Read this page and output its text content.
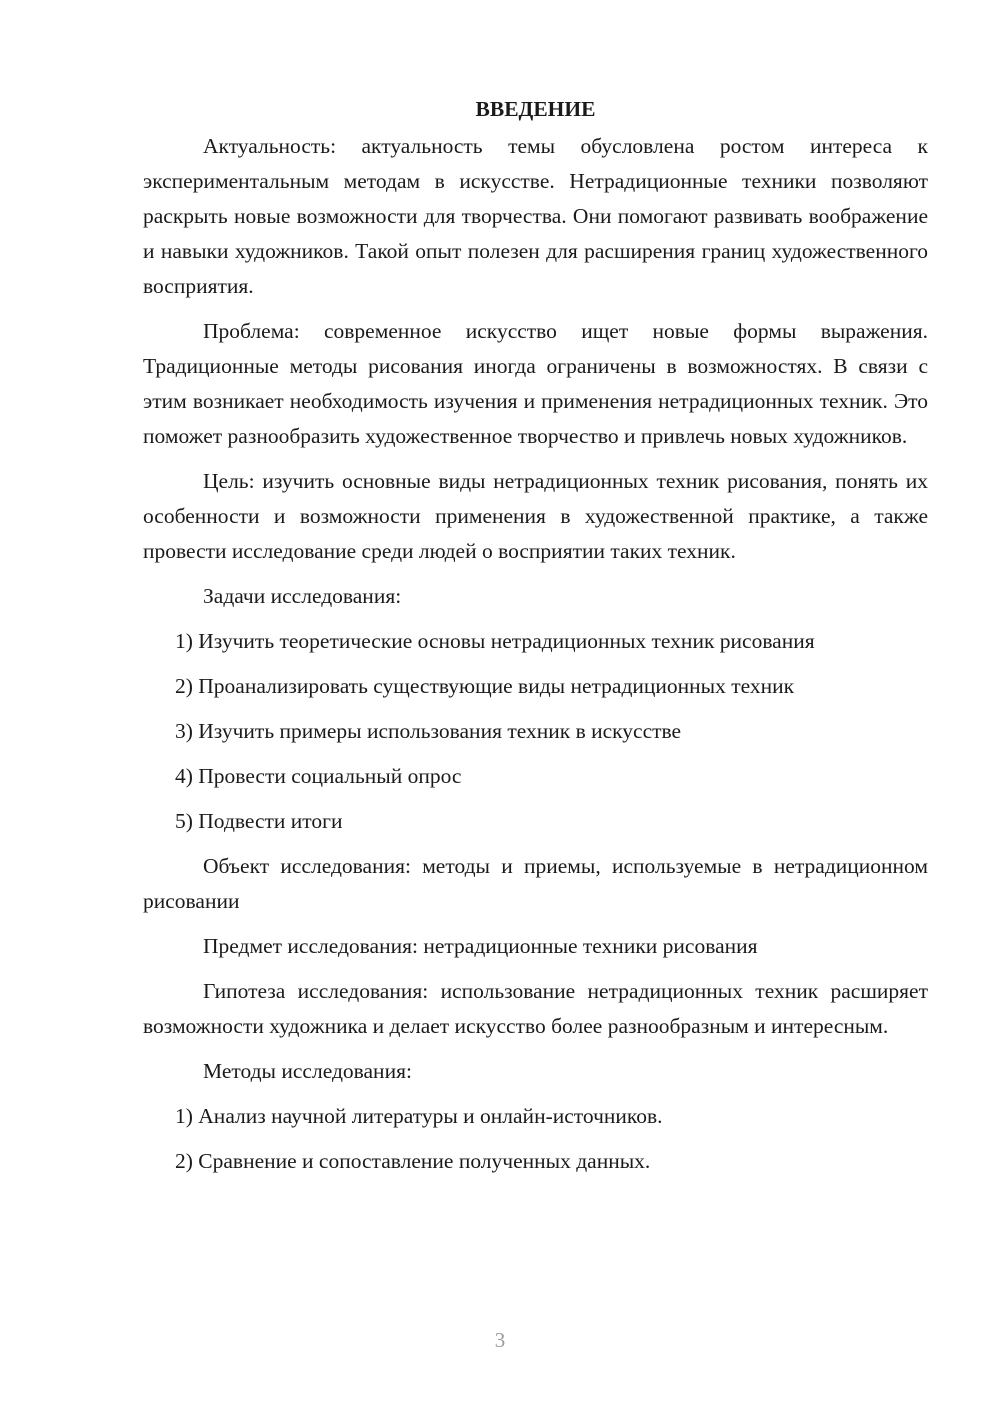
ВВЕДЕНИЕ

Актуальность: актуальность темы обусловлена ростом интереса к экспериментальным методам в искусстве. Нетрадиционные техники позволяют раскрыть новые возможности для творчества. Они помогают развивать воображение и навыки художников. Такой опыт полезен для расширения границ художественного восприятия.

Проблема: современное искусство ищет новые формы выражения. Традиционные методы рисования иногда ограничены в возможностях. В связи с этим возникает необходимость изучения и применения нетрадиционных техник. Это поможет разнообразить художественное творчество и привлечь новых художников.

Цель: изучить основные виды нетрадиционных техник рисования, понять их особенности и возможности применения в художественной практике, а также провести исследование среди людей о восприятии таких техник.

Задачи исследования:

1) Изучить теоретические основы нетрадиционных техник рисования
2) Проанализировать существующие виды нетрадиционных техник
3) Изучить примеры использования техник в искусстве
4) Провести социальный опрос
5) Подвести итоги

Объект исследования: методы и приемы, используемые в нетрадиционном рисовании

Предмет исследования: нетрадиционные техники рисования

Гипотеза исследования: использование нетрадиционных техник расширяет возможности художника и делает искусство более разнообразным и интересным.

Методы исследования:

1) Анализ научной литературы и онлайн-источников.
2) Сравнение и сопоставление полученных данных.
3
